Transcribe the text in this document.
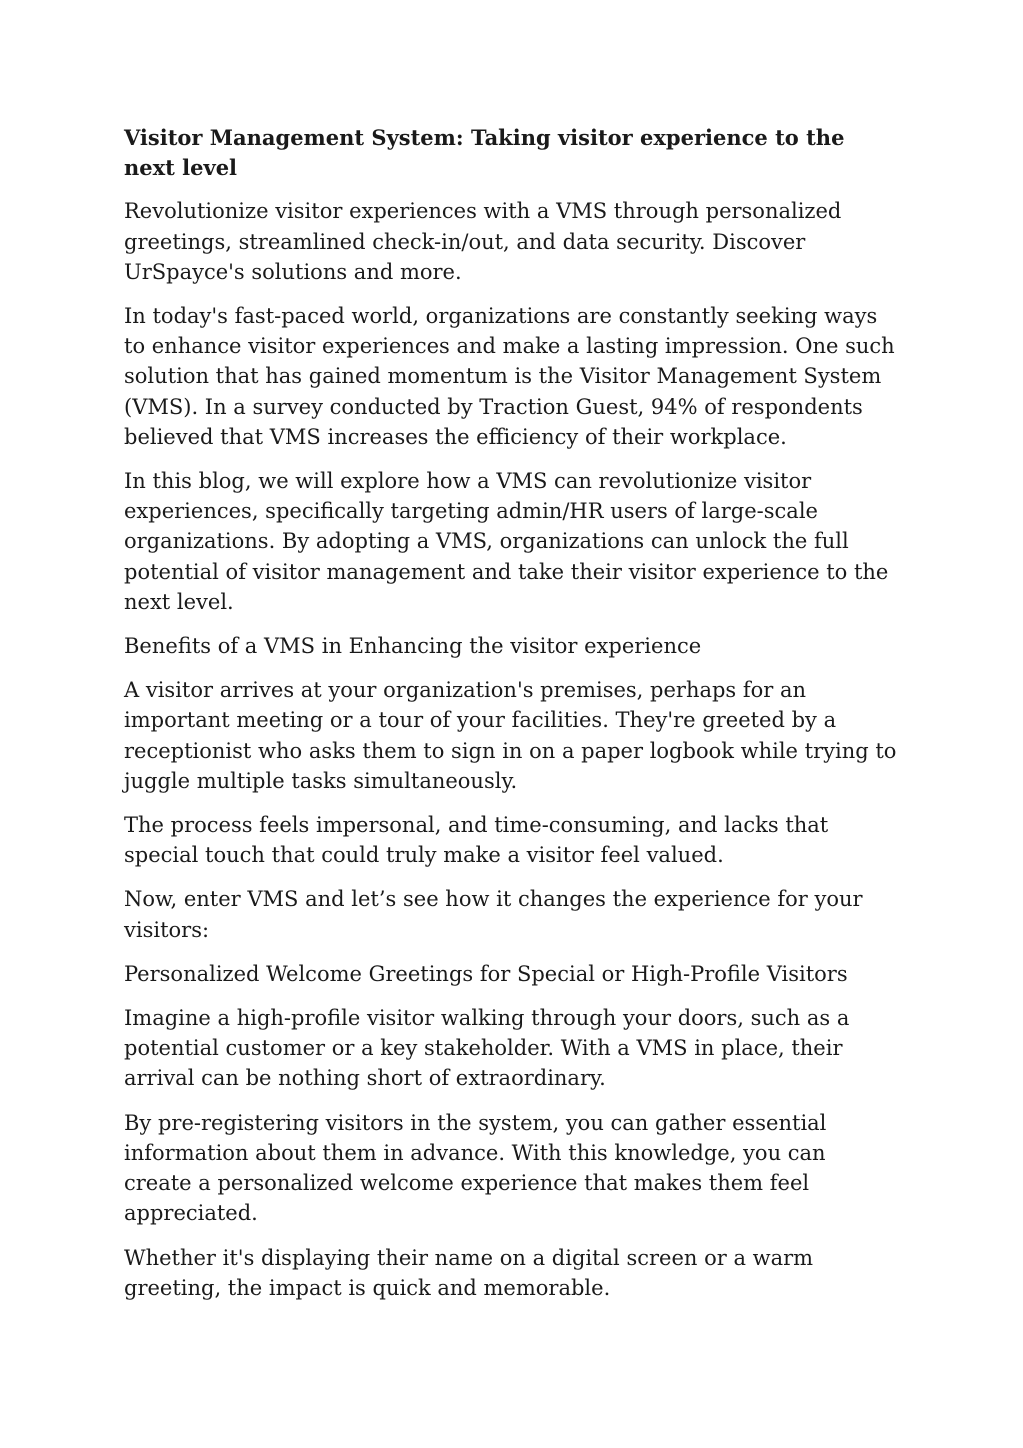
Visitor Management System: Taking visitor experience to the next level

Revolutionize visitor experiences with a VMS through personalized greetings, streamlined check-in/out, and data security. Discover UrSpayce's solutions and more.

In today's fast-paced world, organizations are constantly seeking ways to enhance visitor experiences and make a lasting impression. One such solution that has gained momentum is the Visitor Management System (VMS). In a survey conducted by Traction Guest, 94% of respondents believed that VMS increases the efficiency of their workplace.

In this blog, we will explore how a VMS can revolutionize visitor experiences, specifically targeting admin/HR users of large-scale organizations. By adopting a VMS, organizations can unlock the full potential of visitor management and take their visitor experience to the next level.

Benefits of a VMS in Enhancing the visitor experience

A visitor arrives at your organization's premises, perhaps for an important meeting or a tour of your facilities. They're greeted by a receptionist who asks them to sign in on a paper logbook while trying to juggle multiple tasks simultaneously.

The process feels impersonal, and time-consuming, and lacks that special touch that could truly make a visitor feel valued.

Now, enter VMS and let’s see how it changes the experience for your visitors:

Personalized Welcome Greetings for Special or High-Profile Visitors

Imagine a high-profile visitor walking through your doors, such as a potential customer or a key stakeholder. With a VMS in place, their arrival can be nothing short of extraordinary.

By pre-registering visitors in the system, you can gather essential information about them in advance. With this knowledge, you can create a personalized welcome experience that makes them feel appreciated.

Whether it's displaying their name on a digital screen or a warm greeting, the impact is quick and memorable.
